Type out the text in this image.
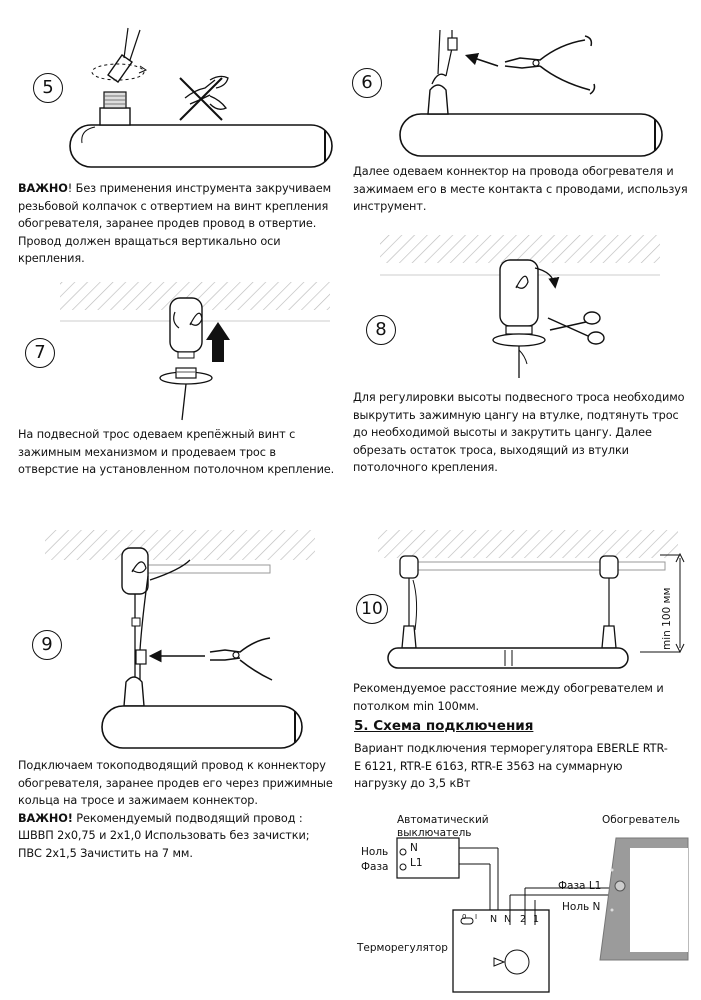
5	6
7
8
9
10
ВАЖНО! Без применения инструмента закручиваем резьбовой колпачок с отвертием на винт крепления обогревателя, заранее продев провод в отвертие. Провод должен вращаться вертикально оси крепления.
Далее одеваем коннектор на провода обогревателя и зажимаем его в месте контакта с проводами, используя инструмент.
На подвесной трос одеваем крепёжный винт с зажимным механизмом и продеваем трос в отверстие на установленном потолочном крепление.
Для регулировки высоты подвесного троса необходимо выкрутить зажимную цангу на втулке, подтянуть трос до необходимой высоты и закрутить цангу. Далее обрезать остаток троса, выходящий из втулки потолочного крепления.
Подключаем токоподводящий провод к коннектору обогревателя, заранее продев его через прижимные кольца на тросе и зажимаем коннектор.
ВАЖНО! Рекомендуемый подводящий провод : ШВВП 2х0,75 и 2х1,0 Использовать без зачистки; ПВС 2х1,5 Зачистить на 7 мм.
Рекомендуемое расстояние между обогревателем и потолком min 100мм.
min 100 мм
5. Схема подключения
Вариант подключения терморегулятора EBERLE RTR-E 6121, RTR-E 6163, RTR-E 3563 на суммарную нагрузку до 3,5 кВт
Автоматический выключатель
Обогреватель
Ноль
Фаза
N
L1
Фаза L1
Ноль N
Терморегулятор
N N 2 1
0 I
